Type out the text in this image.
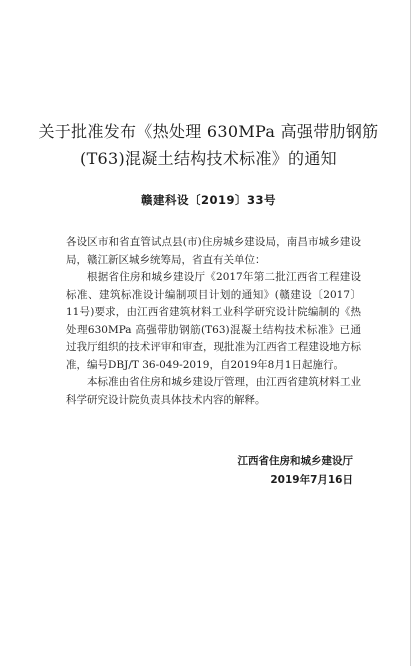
关于批准发布《热处理 630MPa 高强带肋钢筋
(T63)混凝土结构技术标准》的通知
赣建科设〔2019〕33号

各设区市和省直管试点县(市)住房城乡建设局，南昌市城乡建设局，赣江新区城乡统筹局，省直有关单位：

根据省住房和城乡建设厅《2017年第二批江西省工程建设标准、建筑标准设计编制项目计划的通知》(赣建设〔2017〕11号)要求，由江西省建筑材料工业科学研究设计院编制的《热处理630MPa 高强带肋钢筋(T63)混凝土结构技术标准》已通过我厅组织的技术评审和审查，现批准为江西省工程建设地方标准，编号DBJ/T 36-049-2019，自2019年8月1日起施行。

本标准由省住房和城乡建设厅管理，由江西省建筑材料工业科学研究设计院负责具体技术内容的解释。

江西省住房和城乡建设厅
2019年7月16日
